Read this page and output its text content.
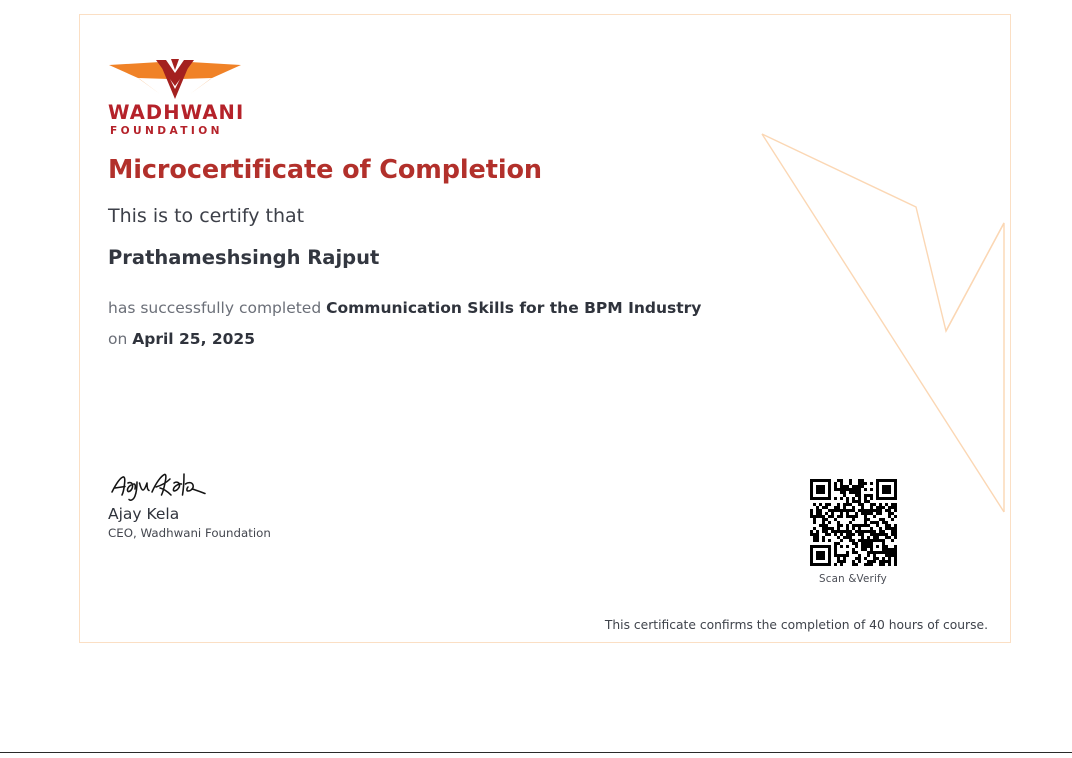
WADHWANI
FOUNDATION
Microcertificate of Completion
This is to certify that
Prathameshsingh Rajput
has successfully completed Communication Skills for the BPM Industry
on April 25, 2025
Ajay Kela
CEO, Wadhwani Foundation
Scan &Verify
This certificate confirms the completion of 40 hours of course.
